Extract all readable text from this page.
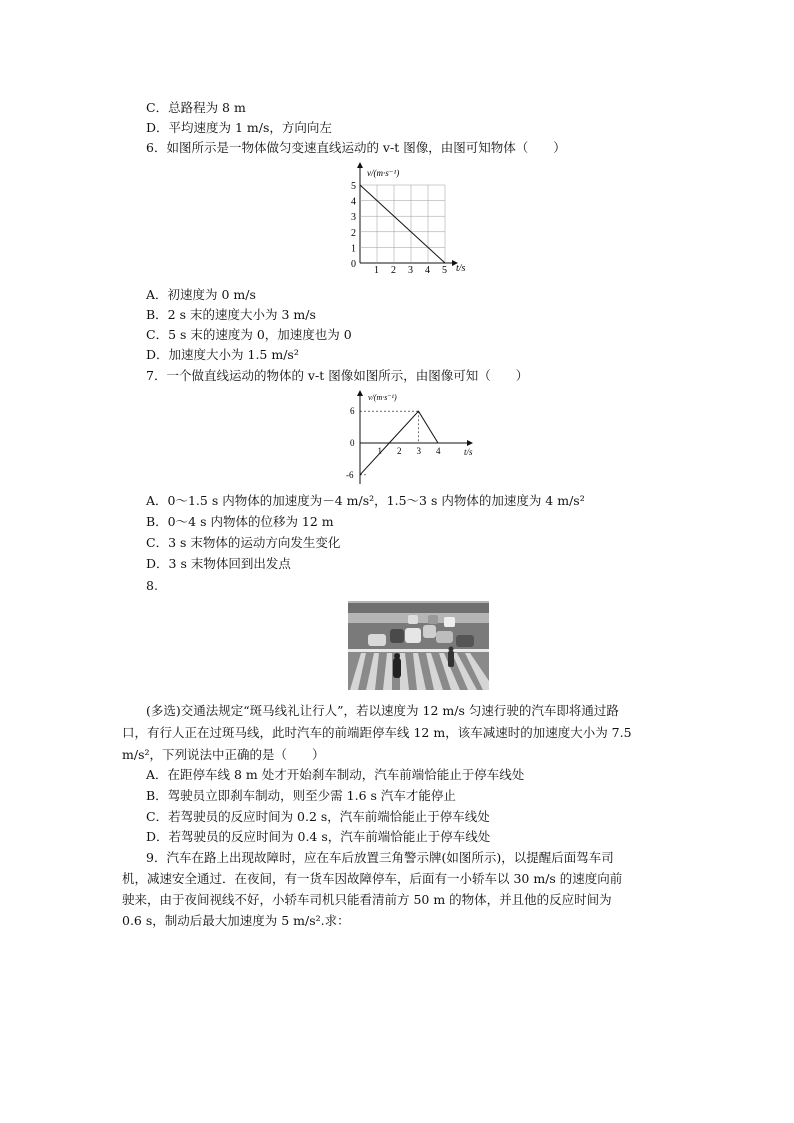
C．总路程为 8 m
D．平均速度为 1 m/s，方向向左
6．如图所示是一物体做匀变速直线运动的 v-t 图像，由图可知物体（　　）
1 2 3 4 5
0
1
2
3
4
5
v/(m·s⁻¹)
t/s
A．初速度为 0 m/s
B．2 s 末的速度大小为 3 m/s
C．5 s 末的速度为 0，加速度也为 0
D．加速度大小为 1.5 m/s²
7．一个做直线运动的物体的 v-t 图像如图所示，由图像可知（　　）
1 2 3 4
6
0
-6
v/(m·s⁻¹)
t/s
A．0～1.5 s 内物体的加速度为－4 m/s²，1.5～3 s 内物体的加速度为 4 m/s²
B．0～4 s 内物体的位移为 12 m
C．3 s 末物体的运动方向发生变化
D．3 s 末物体回到出发点
8.
(多选)交通法规定“斑马线礼让行人”，若以速度为 12 m/s 匀速行驶的汽车即将通过路
口，有行人正在过斑马线，此时汽车的前端距停车线 12 m，该车减速时的加速度大小为 7.5
m/s²，下列说法中正确的是（　　）
A．在距停车线 8 m 处才开始刹车制动，汽车前端恰能止于停车线处
B．驾驶员立即刹车制动，则至少需 1.6 s 汽车才能停止
C．若驾驶员的反应时间为 0.2 s，汽车前端恰能止于停车线处
D．若驾驶员的反应时间为 0.4 s，汽车前端恰能止于停车线处
9．汽车在路上出现故障时，应在车后放置三角警示牌(如图所示)，以提醒后面驾车司
机，减速安全通过．在夜间，有一货车因故障停车，后面有一小轿车以 30 m/s 的速度向前
驶来，由于夜间视线不好，小轿车司机只能看清前方 50 m 的物体，并且他的反应时间为
0.6 s，制动后最大加速度为 5 m/s².求：
